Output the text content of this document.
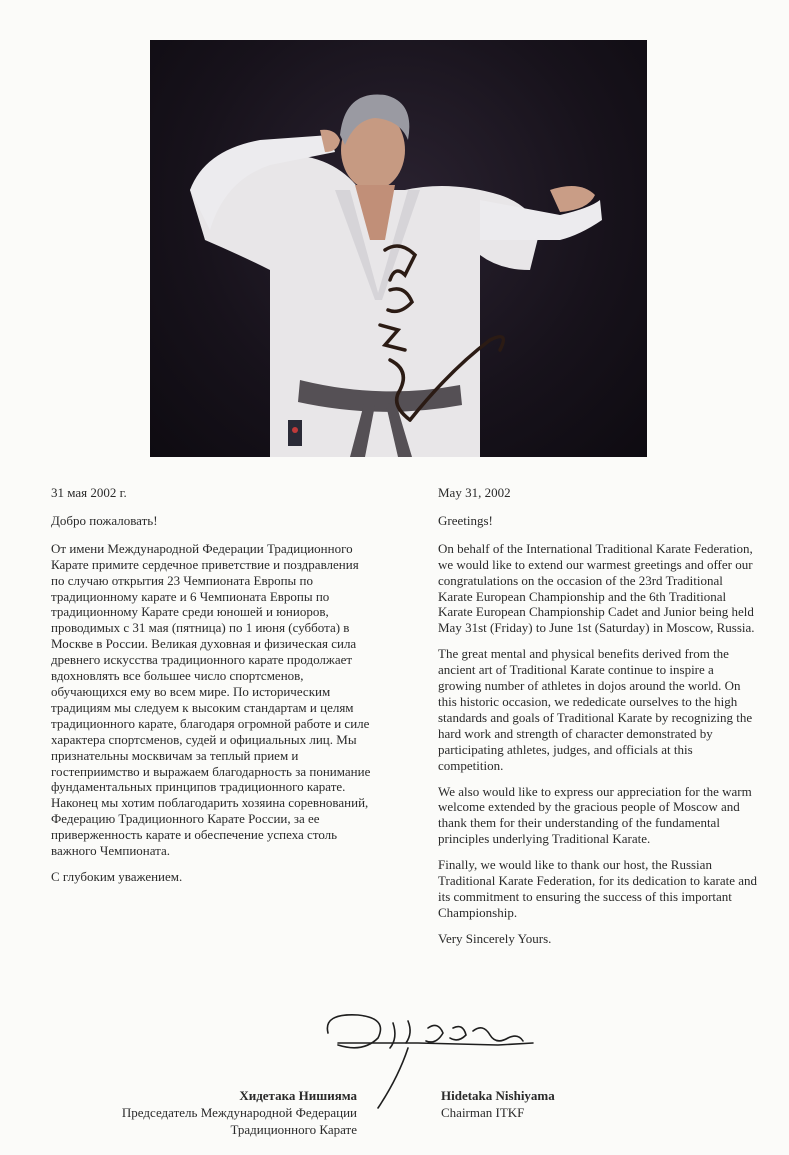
31 мая 2002 г.

Добро пожаловать!

От имени Международной Федерации Традиционного Карате примите сердечное приветствие и поздравления по случаю открытия 23 Чемпионата Европы по традиционному карате и 6 Чемпионата Европы по традиционному Карате среди юношей и юниоров, проводимых с 31 мая (пятница) по 1 июня (суббота) в Москве в России. Великая духовная и физическая сила древнего искусства традиционного карате продолжает вдохновлять все большее число спортсменов, обучающихся ему во всем мире. По историческим традициям мы следуем к высоким стандартам и целям традиционного карате, благодаря огромной работе и силе характера спортсменов, судей и официальных лиц. Мы признательны москвичам за теплый прием и гостеприимство и выражаем благодарность за понимание фундаментальных принципов традиционного карате. Наконец мы хотим поблагодарить хозяина соревнований, Федерацию Традиционного Карате России, за ее приверженность карате и обеспечение успеха столь важного Чемпионата.

С глубоким уважением.

May 31, 2002

Greetings!

On behalf of the International Traditional Karate Federation, we would like to extend our warmest greetings and offer our congratulations on the occasion of the 23rd Traditional Karate European Championship and the 6th Traditional Karate European Championship Cadet and Junior being held May 31st (Friday) to June 1st (Saturday) in Moscow, Russia.

The great mental and physical benefits derived from the ancient art of Traditional Karate continue to inspire a growing number of athletes in dojos around the world. On this historic occasion, we rededicate ourselves to the high standards and goals of Traditional Karate by recognizing the hard work and strength of character demonstrated by participating athletes, judges, and officials at this competition.

We also would like to express our appreciation for the warm welcome extended by the gracious people of Moscow and thank them for their understanding of the fundamental principles underlying Traditional Karate.

Finally, we would like to thank our host, the Russian Traditional Karate Federation, for its dedication to karate and its commitment to ensuring the success of this important Championship.

Very Sincerely Yours.

Хидетака Нишияма
Председатель Международной Федерации
Традиционного Карате
Hidetaka Nishiyama
Chairman ITKF
